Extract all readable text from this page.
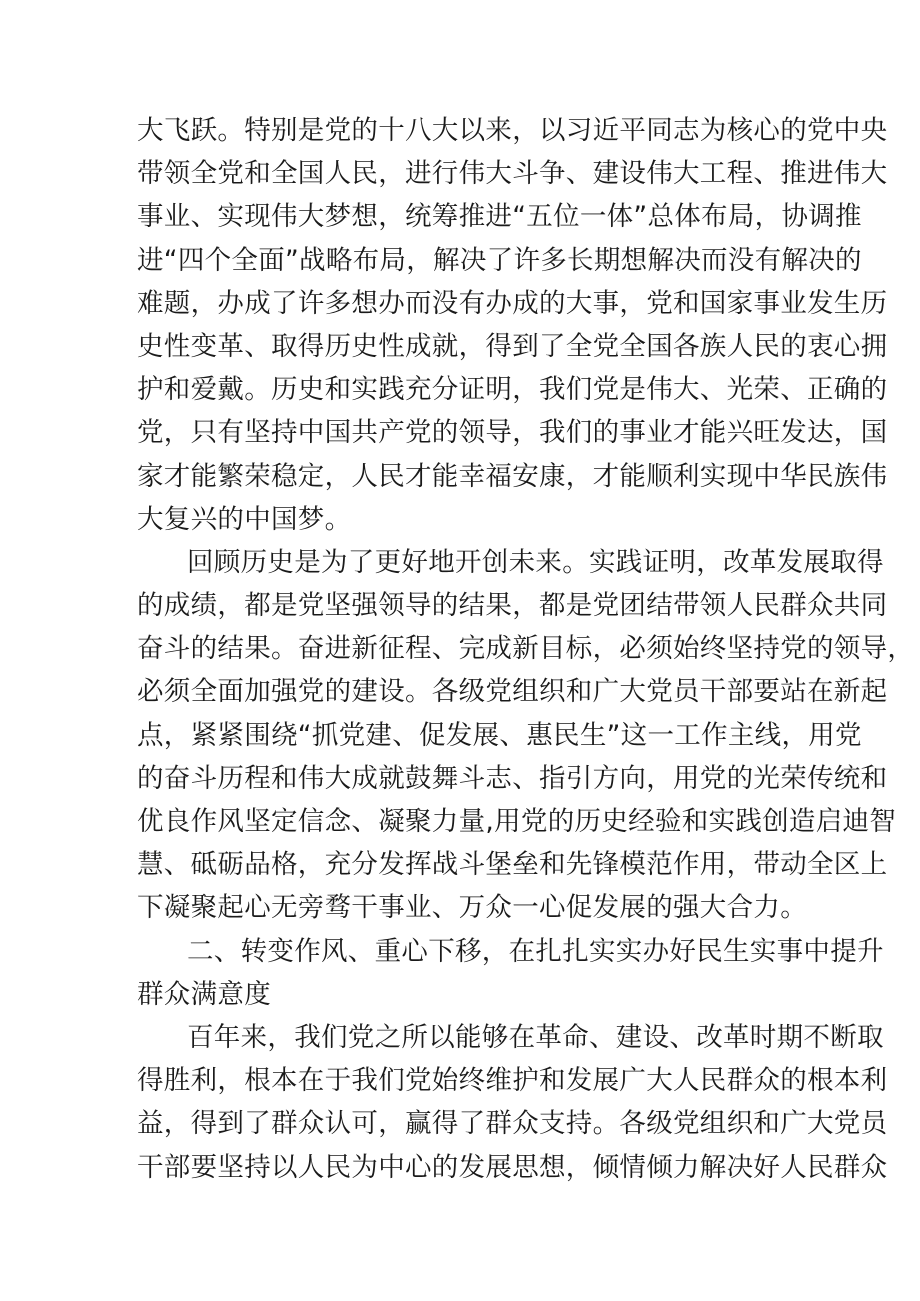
大飞跃。特别是党的十八大以来，以习近平同志为核心的党中央
带领全党和全国人民，进行伟大斗争、建设伟大工程、推进伟大
事业、实现伟大梦想，统筹推进“五位一体”总体布局，协调推
进“四个全面”战略布局，解决了许多长期想解决而没有解决的
难题，办成了许多想办而没有办成的大事，党和国家事业发生历
史性变革、取得历史性成就，得到了全党全国各族人民的衷心拥
护和爱戴。历史和实践充分证明，我们党是伟大、光荣、正确的
党，只有坚持中国共产党的领导，我们的事业才能兴旺发达，国
家才能繁荣稳定，人民才能幸福安康，才能顺利实现中华民族伟
大复兴的中国梦。
回顾历史是为了更好地开创未来。实践证明，改革发展取得
的成绩，都是党坚强领导的结果，都是党团结带领人民群众共同
奋斗的结果。奋进新征程、完成新目标，必须始终坚持党的领导，
必须全面加强党的建设。各级党组织和广大党员干部要站在新起
点，紧紧围绕“抓党建、促发展、惠民生”这一工作主线，用党
的奋斗历程和伟大成就鼓舞斗志、指引方向，用党的光荣传统和
优良作风坚定信念、凝聚力量,用党的历史经验和实践创造启迪智
慧、砥砺品格，充分发挥战斗堡垒和先锋模范作用，带动全区上
下凝聚起心无旁骛干事业、万众一心促发展的强大合力。
二、转变作风、重心下移，在扎扎实实办好民生实事中提升
群众满意度
百年来，我们党之所以能够在革命、建设、改革时期不断取
得胜利，根本在于我们党始终维护和发展广大人民群众的根本利
益，得到了群众认可，赢得了群众支持。各级党组织和广大党员
干部要坚持以人民为中心的发展思想，倾情倾力解决好人民群众
